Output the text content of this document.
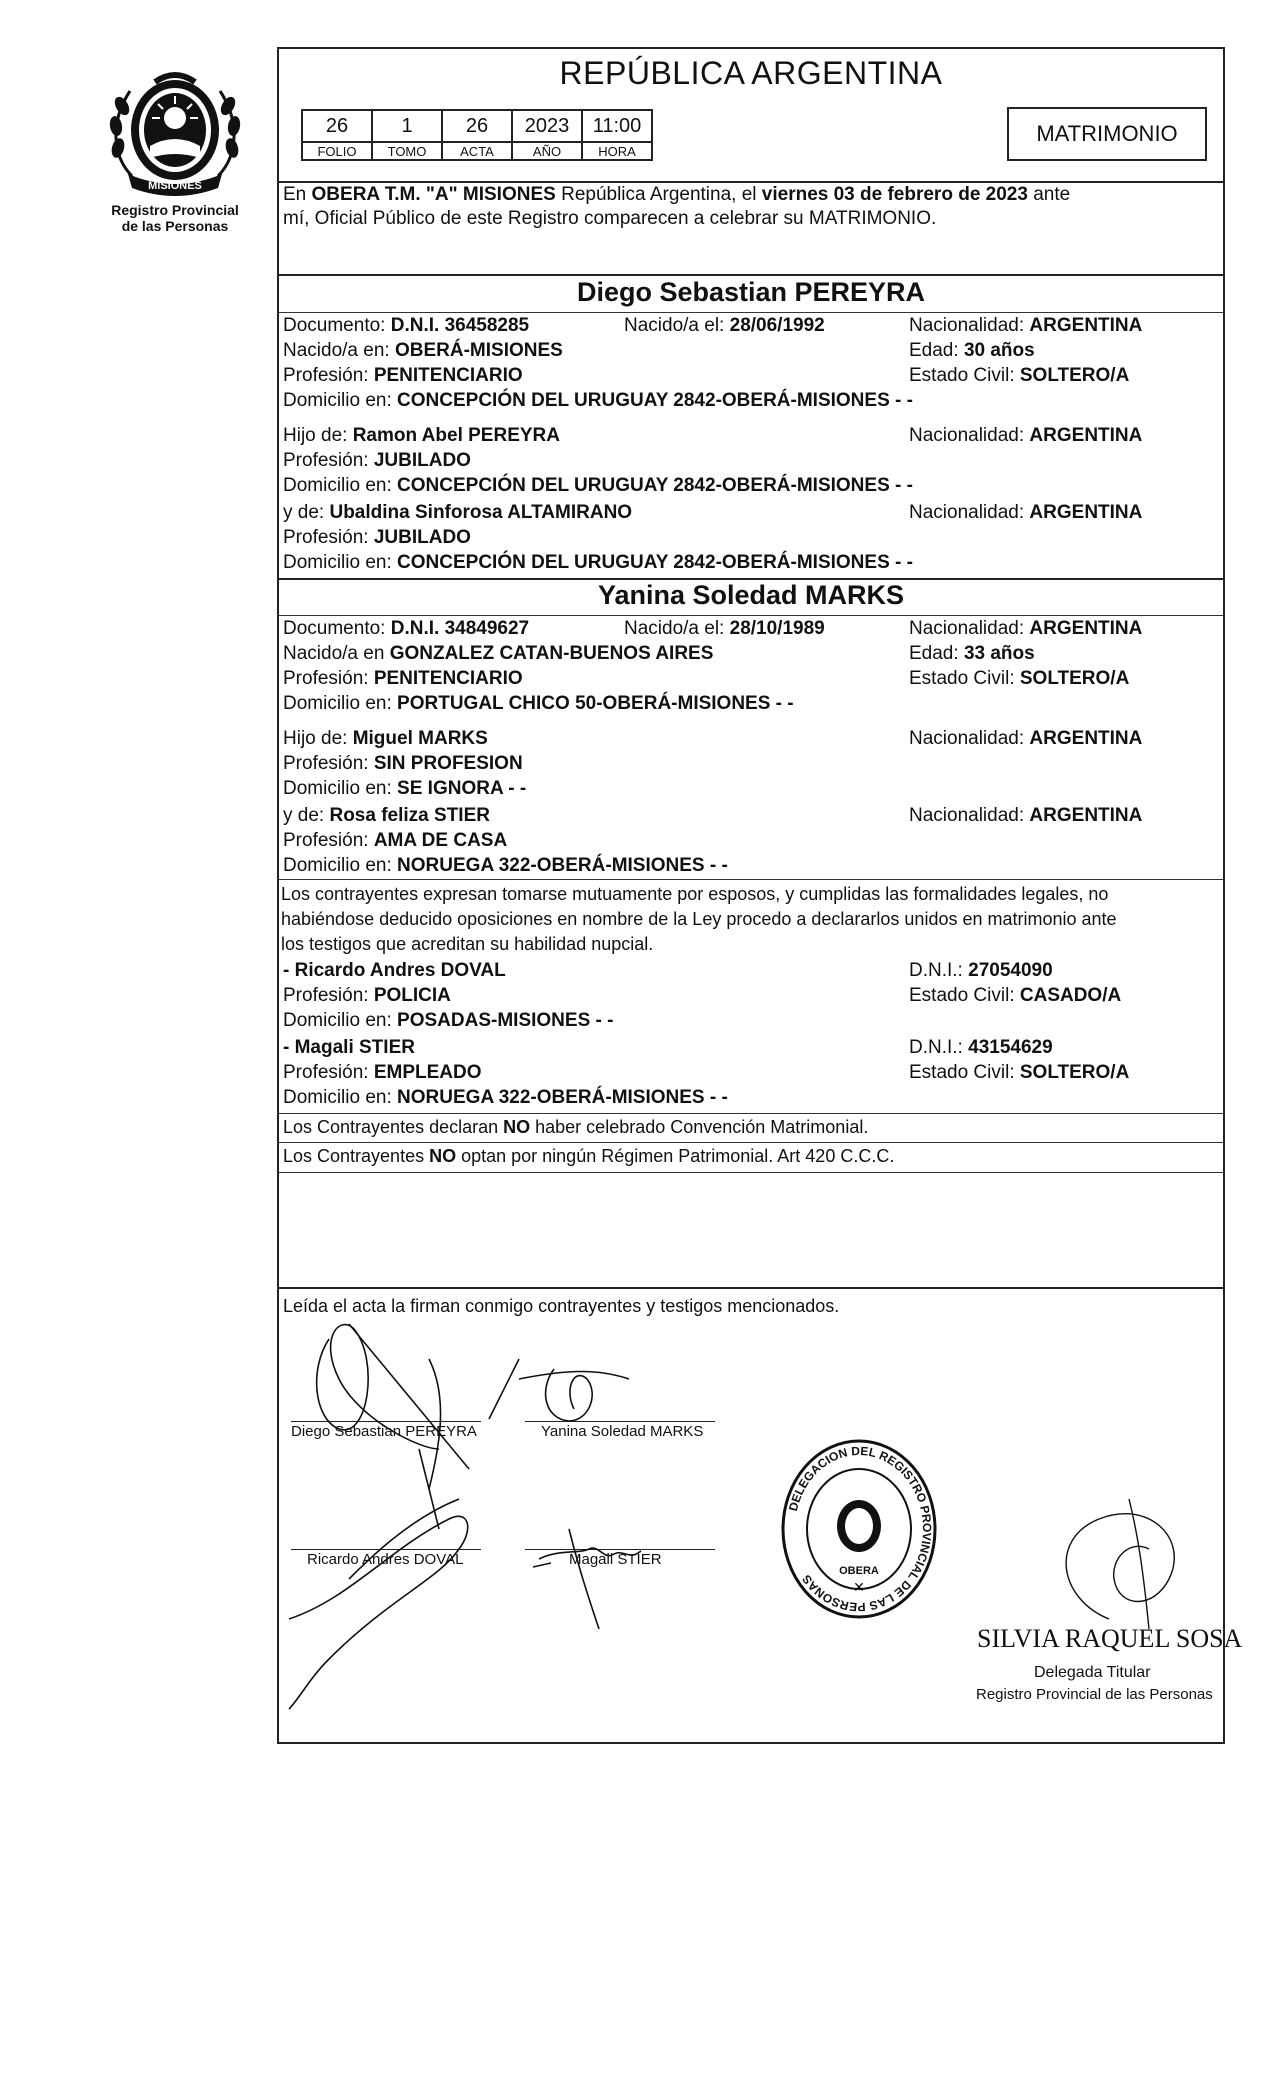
MISIONES
Registro Provincial
de las Personas
REPÚBLICA ARGENTINA
26	1	26	2023	11:00
FOLIO	TOMO	ACTA	AÑO	HORA
MATRIMONIO
En OBERA T.M. "A" MISIONES República Argentina, el viernes 03 de febrero de 2023 ante
mí, Oficial Público de este Registro comparecen a celebrar su MATRIMONIO.
Diego Sebastian PEREYRA
Documento: D.N.I. 36458285	Nacido/a el: 28/06/1992	Nacionalidad: ARGENTINA
Nacido/a en: OBERÁ-MISIONES	Edad: 30 años
Profesión: PENITENCIARIO	Estado Civil: SOLTERO/A
Domicilio en: CONCEPCIÓN DEL URUGUAY 2842-OBERÁ-MISIONES - -
Hijo de: Ramon Abel PEREYRA	Nacionalidad: ARGENTINA
Profesión: JUBILADO
Domicilio en: CONCEPCIÓN DEL URUGUAY 2842-OBERÁ-MISIONES - -
y de: Ubaldina Sinforosa ALTAMIRANO	Nacionalidad: ARGENTINA
Profesión: JUBILADO
Domicilio en: CONCEPCIÓN DEL URUGUAY 2842-OBERÁ-MISIONES - -
Yanina Soledad MARKS
Documento: D.N.I. 34849627	Nacido/a el: 28/10/1989	Nacionalidad: ARGENTINA
Nacido/a en GONZALEZ CATAN-BUENOS AIRES	Edad: 33 años
Profesión: PENITENCIARIO	Estado Civil: SOLTERO/A
Domicilio en: PORTUGAL CHICO 50-OBERÁ-MISIONES - -
Hijo de: Miguel MARKS	Nacionalidad: ARGENTINA
Profesión: SIN PROFESION
Domicilio en: SE IGNORA - -
y de: Rosa feliza STIER	Nacionalidad: ARGENTINA
Profesión: AMA DE CASA
Domicilio en: NORUEGA 322-OBERÁ-MISIONES - -
Los contrayentes expresan tomarse mutuamente por esposos, y cumplidas las formalidades legales, no
habiéndose deducido oposiciones en nombre de la Ley procedo a declararlos unidos en matrimonio ante
los testigos que acreditan su habilidad nupcial.
- Ricardo Andres DOVAL	D.N.I.: 27054090
Profesión: POLICIA	Estado Civil: CASADO/A
Domicilio en: POSADAS-MISIONES - -
- Magali STIER	D.N.I.: 43154629
Profesión: EMPLEADO	Estado Civil: SOLTERO/A
Domicilio en: NORUEGA 322-OBERÁ-MISIONES - -
Los Contrayentes declaran NO haber celebrado Convención Matrimonial.
Los Contrayentes NO optan por ningún Régimen Patrimonial. Art 420 C.C.C.
Leída el acta la firman conmigo contrayentes y testigos mencionados.
Diego Sebastian PEREYRA	Yanina Soledad MARKS
Ricardo Andres DOVAL	Magali STIER
DELEGACION DEL REGISTRO PROVINCIAL DE LAS PERSONAS
OBERA
✕
SILVIA RAQUEL SOSA
Delegada Titular
Registro Provincial de las Personas
